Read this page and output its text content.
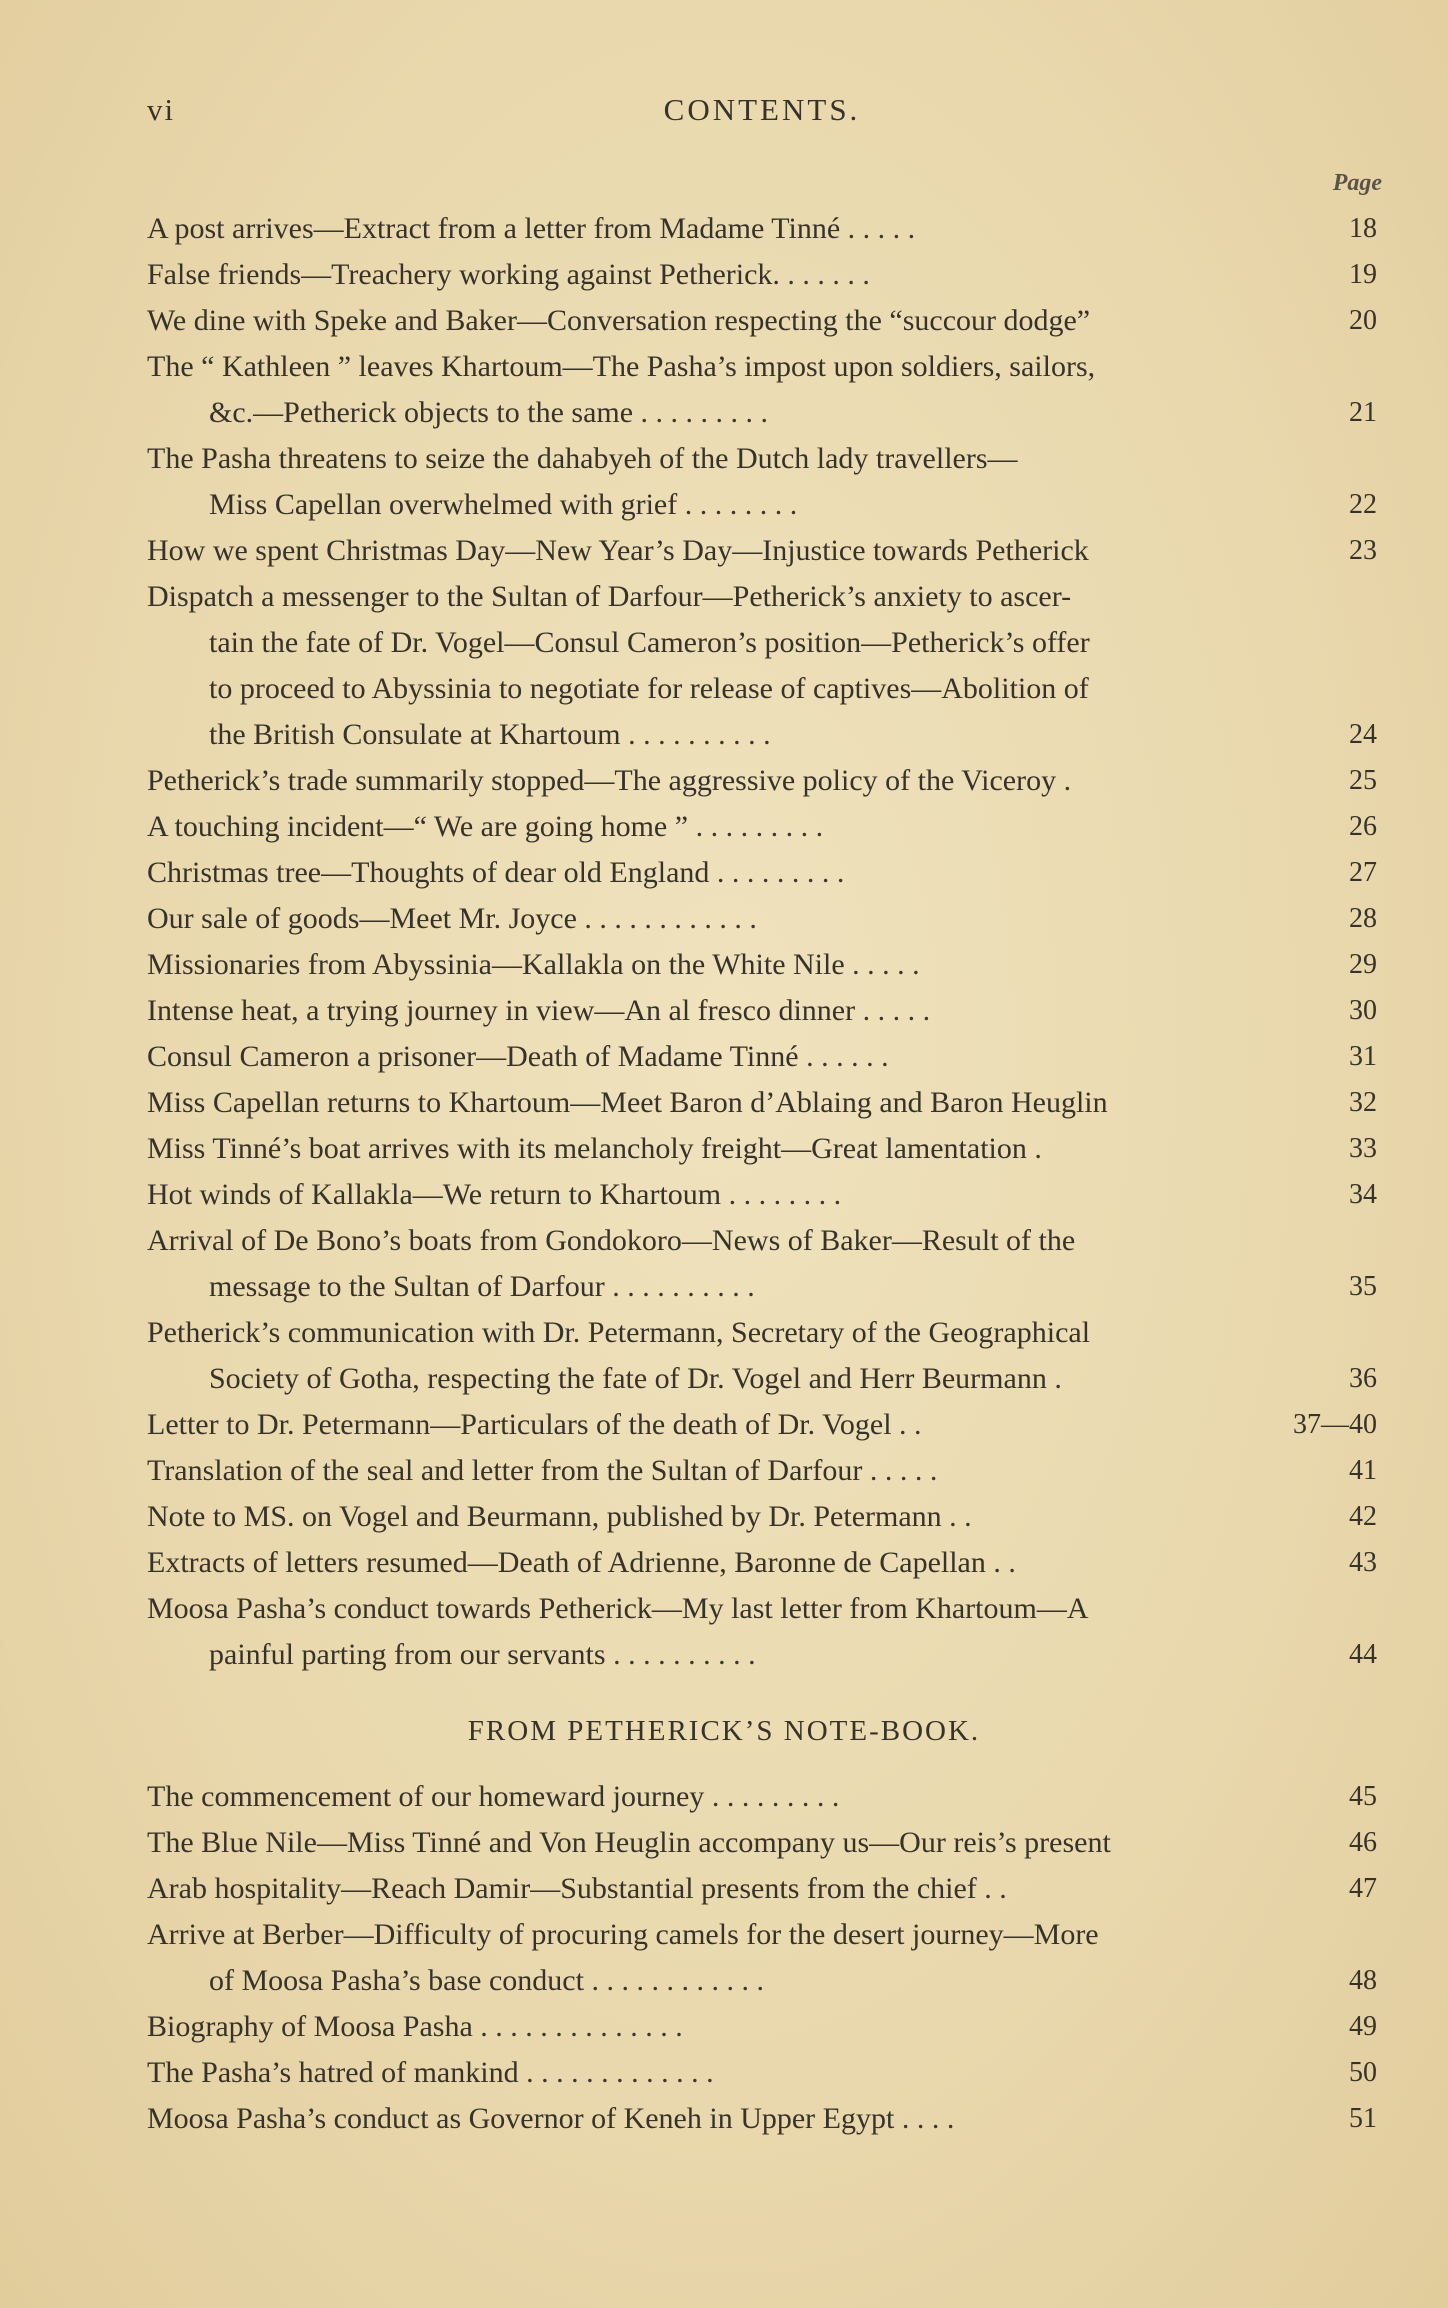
vi	CONTENTS.
Page
A post arrives—Extract from a letter from Madame Tinné . . . . .	18
False friends—Treachery working against Petherick. . . . . . .	19
We dine with Speke and Baker—Conversation respecting the “succour dodge”	20
The “ Kathleen ” leaves Khartoum—The Pasha’s impost upon soldiers, sailors,
&c.—Petherick objects to the same . . . . . . . . .	21
The Pasha threatens to seize the dahabyeh of the Dutch lady travellers—
Miss Capellan overwhelmed with grief . . . . . . . .	22
How we spent Christmas Day—New Year’s Day—Injustice towards Petherick	23
Dispatch a messenger to the Sultan of Darfour—Petherick’s anxiety to ascer-
tain the fate of Dr. Vogel—Consul Cameron’s position—Petherick’s offer
to proceed to Abyssinia to negotiate for release of captives—Abolition of
the British Consulate at Khartoum . . . . . . . . . .	24
Petherick’s trade summarily stopped—The aggressive policy of the Viceroy .	25
A touching incident—“ We are going home ” . . . . . . . . .	26
Christmas tree—Thoughts of dear old England . . . . . . . . .	27
Our sale of goods—Meet Mr. Joyce . . . . . . . . . . . .	28
Missionaries from Abyssinia—Kallakla on the White Nile . . . . .	29
Intense heat, a trying journey in view—An al fresco dinner . . . . .	30
Consul Cameron a prisoner—Death of Madame Tinné . . . . . .	31
Miss Capellan returns to Khartoum—Meet Baron d’Ablaing and Baron Heuglin	32
Miss Tinné’s boat arrives with its melancholy freight—Great lamentation .	33
Hot winds of Kallakla—We return to Khartoum . . . . . . . .	34
Arrival of De Bono’s boats from Gondokoro—News of Baker—Result of the
message to the Sultan of Darfour . . . . . . . . . .	35
Petherick’s communication with Dr. Petermann, Secretary of the Geographical
Society of Gotha, respecting the fate of Dr. Vogel and Herr Beurmann .	36
Letter to Dr. Petermann—Particulars of the death of Dr. Vogel . .	37—40
Translation of the seal and letter from the Sultan of Darfour . . . . .	41
Note to MS. on Vogel and Beurmann, published by Dr. Petermann . .	42
Extracts of letters resumed—Death of Adrienne, Baronne de Capellan . .	43
Moosa Pasha’s conduct towards Petherick—My last letter from Khartoum—A
painful parting from our servants . . . . . . . . . .	44
FROM PETHERICK’S NOTE-BOOK.
The commencement of our homeward journey . . . . . . . . .	45
The Blue Nile—Miss Tinné and Von Heuglin accompany us—Our reis’s present	46
Arab hospitality—Reach Damir—Substantial presents from the chief . .	47
Arrive at Berber—Difficulty of procuring camels for the desert journey—More
of Moosa Pasha’s base conduct . . . . . . . . . . . .	48
Biography of Moosa Pasha . . . . . . . . . . . . . .	49
The Pasha’s hatred of mankind . . . . . . . . . . . . .	50
Moosa Pasha’s conduct as Governor of Keneh in Upper Egypt . . . .	51
